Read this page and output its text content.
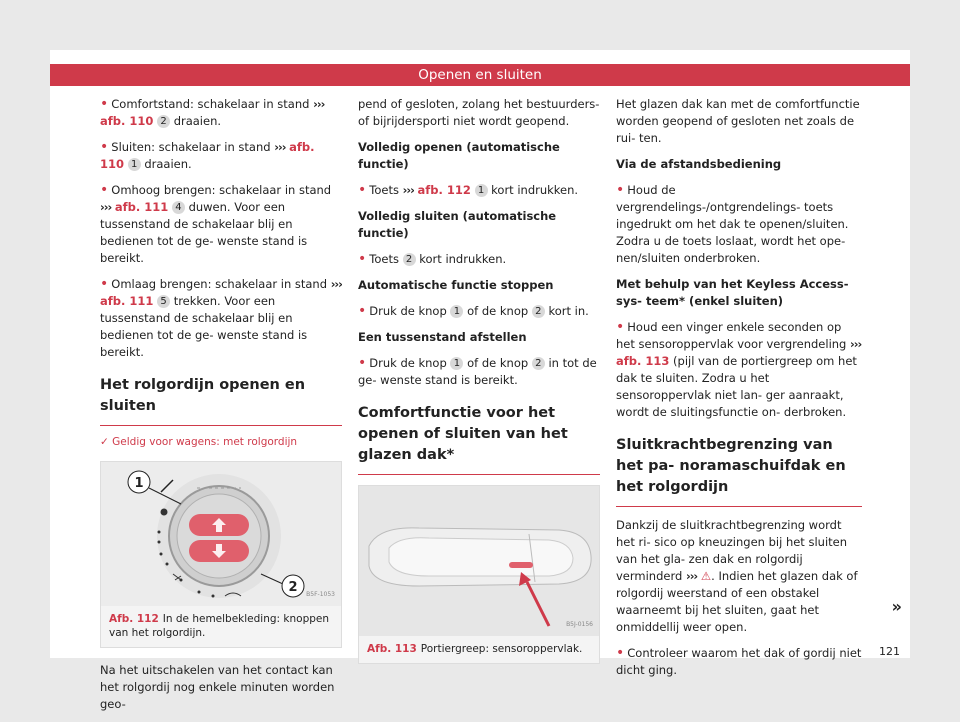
Openen en sluiten
• Comfortstand: schakelaar in stand ››› afb. 110 2 draaien.
• Sluiten: schakelaar in stand ››› afb. 110 1 draaien.
• Omhoog brengen: schakelaar in stand ››› afb. 111 4 duwen. Voor een tussenstand de schakelaar blij en bedienen tot de ge- wenste stand is bereikt.
• Omlaag brengen: schakelaar in stand ››› afb. 111 5 trekken. Voor een tussenstand de schakelaar blij en bedienen tot de ge- wenste stand is bereikt.
Het rolgordijn openen en sluiten
✓ Geldig voor wagens: met rolgordijn
1
2 B5F-1053
Afb. 112 In de hemelbekleding: knoppen van het rolgordijn.

Na het uitschakelen van het contact kan het rolgordij nog enkele minuten worden geo-

pend of gesloten, zolang het bestuurders- of bijrijdersporti niet wordt geopend.

Volledig openen (automatische functie)
• Toets ››› afb. 112 1 kort indrukken.
Volledig sluiten (automatische functie)
• Toets 2 kort indrukken.
Automatische functie stoppen
• Druk de knop 1 of de knop 2 kort in.
Een tussenstand afstellen
• Druk de knop 1 of de knop 2 in tot de ge- wenste stand is bereikt.
Comfortfunctie voor het openen of sluiten van het glazen dak*
B5J-0156
Afb. 113 Portiergreep: sensoroppervlak.

Het glazen dak kan met de comfortfunctie worden geopend of gesloten net zoals de rui- ten.

Via de afstandsbediening
• Houd de vergrendelings-/ontgrendelings- toets ingedrukt om het dak te openen/sluiten. Zodra u de toets loslaat, wordt het ope- nen/sluiten onderbroken.
Met behulp van het Keyless Access-sys- teem* (enkel sluiten)
• Houd een vinger enkele seconden op het sensoroppervlak voor vergrendeling ››› afb. 113 (pijl van de portiergreep om het dak te sluiten. Zodra u het sensoroppervlak niet lan- ger aanraakt, wordt de sluitingsfunctie on- derbroken.
Sluitkrachtbegrenzing van het pa- noramaschuifdak en het rolgordijn

Dankzij de sluitkrachtbegrenzing wordt het ri- sico op kneuzingen bij het sluiten van het gla- zen dak en rolgordij verminderd ››› ⚠. Indien het glazen dak of rolgordij weerstand of een obstakel waarneemt bij het sluiten, gaat het onmiddellij weer open.

• Controleer waarom het dak of gordij niet dicht ging.
»
121
